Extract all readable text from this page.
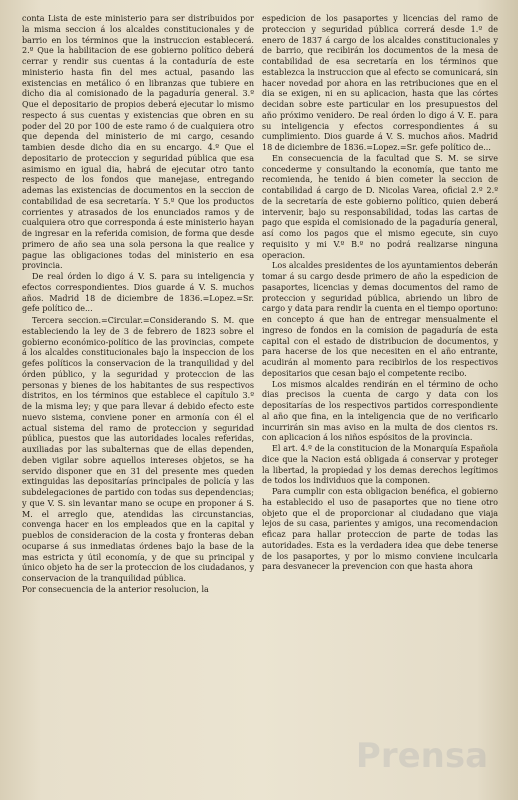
conta Lista de este ministerio para ser distribuidos por la misma seccion á los alcaldes constitucionales y de barrio en los términos que la instruccion establecerá. 2.º Que la habilitacion de ese gobierno político deberá cerrar y rendir sus cuentas á la contaduría de este ministerio hasta fin del mes actual, pasando las existencias en metálico ó en libranzas que tubiere en dicho dia al comisionado de la pagaduría general. 3.º Que el depositario de propios deberá ejecutar lo mismo respecto á sus cuentas y existencias que obren en su poder del 20 por 100 de este ramo ó de cualquiera otro que dependa del ministerio de mi cargo, cesando tambien desde dicho dia en su encargo. 4.º Que el depositario de proteccion y seguridad pública que esa asimismo en igual dia, habrá de ejecutar otro tanto respecto de los fondos que manejase, entregando ademas las existencias de documentos en la seccion de contabilidad de esa secretaría. Y 5.º Que los productos corrientes y atrasados de los enunciados ramos y de cualquiera otro que corresponda á este ministerio hayan de ingresar en la referida comision, de forma que desde primero de año sea una sola persona la que realice y pague las obligaciones todas del ministerio en esa provincia.

De real órden lo digo á V. S. para su inteligencia y efectos correspondientes. Dios guarde á V. S. muchos años. Madrid 18 de diciembre de 1836.=Lopez.=Sr. gefe político de...

Tercera seccion.=Circular.=Considerando S. M. que estableciendo la ley de 3 de febrero de 1823 sobre el gobierno económico-político de las provincias, compete á los alcaldes constitucionales bajo la inspeccion de los gefes políticos la conservacion de la tranquilidad y del órden público, y la seguridad y proteccion de las personas y bienes de los habitantes de sus respectivos distritos, en los términos que establece el capítulo 3.º de la misma ley; y que para llevar á debido efecto este nuevo sistema, conviene poner en armonía con él el actual sistema del ramo de proteccion y seguridad pública, puestos que las autoridades locales referidas, auxiliadas por las subalternas que de ellas dependen, deben vigilar sobre aquellos intereses objetos, se ha servido disponer que en 31 del presente mes queden extinguidas las depositarías principales de policía y las subdelegaciones de partido con todas sus dependencias; y que V. S. sin levantar mano se ocupe en proponer á S. M. el arreglo que, atendidas las circunstancias, convenga hacer en los empleados que en la capital y pueblos de consideracion de la costa y fronteras deban ocuparse á sus inmediatas órdenes bajo la base de la mas estricta y útil economía, y de que su principal y único objeto ha de ser la proteccion de los ciudadanos, y conservacion de la tranquilidad pública.

Por consecuencia de la anterior resolucion, la

espedicion de los pasaportes y licencias del ramo de proteccion y seguridad pública correrá desde 1.º de enero de 1837 á cargo de los alcaldes constitucionales y de barrio, que recibirán los documentos de la mesa de contabilidad de esa secretaría en los términos que establezca la instruccion que al efecto se comunicará, sin hacer novedad por ahora en las retribuciones que en el dia se exigen, ni en su aplicacion, hasta que las córtes decidan sobre este particular en los presupuestos del año próximo venidero. De real órden lo digo á V. E. para su inteligencia y efectos correspondientes á su cumplimiento. Dios guarde á V. S. muchos años. Madrid 18 de diciembre de 1836.=Lopez.=Sr. gefe político de...

En consecuencia de la facultad que S. M. se sirve concederme y consultando la economía, que tanto me recomienda, he tenido á bien cometer la seccion de contabilidad á cargo de D. Nicolas Varea, oficial 2.º 2.º de la secretaría de este gobierno político, quien deberá intervenir, bajo su responsabilidad, todas las cartas de pago que espida el comisionado de la pagaduría general, así como los pagos que el mismo egecute, sin cuyo requisito y mi V.º B.º no podrá realizarse ninguna operacion.

Los alcaldes presidentes de los ayuntamientos deberán tomar á su cargo desde primero de año la espedicion de pasaportes, licencias y demas documentos del ramo de proteccion y seguridad pública, abriendo un libro de cargo y data para rendir la cuenta en el tiempo oportuno: en concepto á que han de entregar mensualmente el ingreso de fondos en la comision de pagaduría de esta capital con el estado de distribucion de documentos, y para hacerse de los que necesiten en el año entrante, acudirán al momento para recibirlos de los respectivos depositarios que cesan bajo el competente recibo.

Los mismos alcaldes rendirán en el término de ocho dias precisos la cuenta de cargo y data con los depositarías de los respectivos partidos correspondiente al año que fina, en la inteligencia que de no verificarlo incurrirán sin mas aviso en la multa de dos cientos rs. con aplicacion á los niños espósitos de la provincia.

El art. 4.º de la constitucion de la Monarquía Española dice que la Nacion está obligada á conservar y proteger la libertad, la propiedad y los demas derechos legítimos de todos los individuos que la componen.

Para cumplir con esta obligacion benéfica, el gobierno ha establecido el uso de pasaportes que no tiene otro objeto que el de proporcionar al ciudadano que viaja lejos de su casa, parientes y amigos, una recomendacion eficaz para hallar proteccion de parte de todas las autoridades. Esta es la verdadera idea que debe tenerse de los pasaportes, y por lo mismo conviene inculcarla para desvanecer la prevencion con que hasta ahora

Prensa
